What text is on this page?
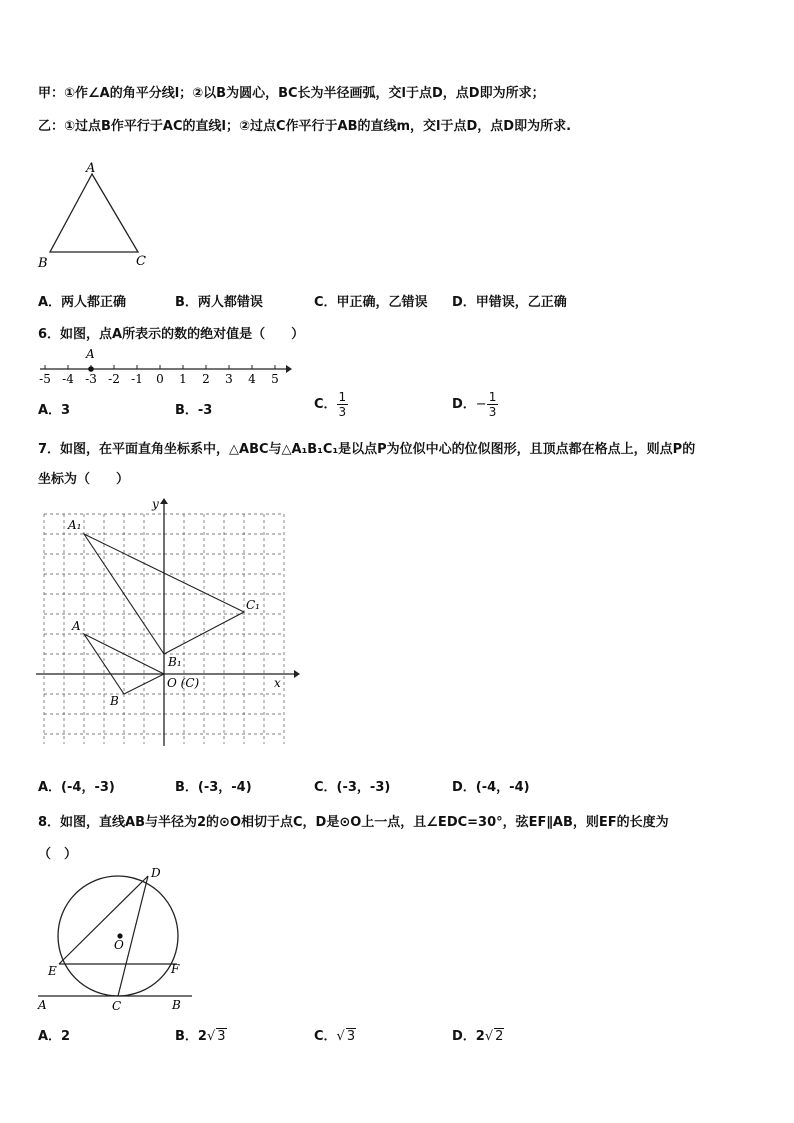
甲：①作∠A的角平分线l；②以B为圆心，BC长为半径画弧，交l于点D，点D即为所求；
乙：①过点B作平行于AC的直线l；②过点C作平行于AB的直线m，交l于点D，点D即为所求.
A
B	C
A．两人都正确	B．两人都错误	C．甲正确，乙错误 D．甲错误，乙正确
6．如图，点A所表示的数的绝对值是（　　）
-5 -4 -3 -2 -1 0 1 2 3 4 5
A
A．3	B．-3	C． $\frac{1}{3}$	D．− $\frac{1}{3}$
7．如图，在平面直角坐标系中，△ABC与△A₁B₁C₁是以点P为位似中心的位似图形，且顶点都在格点上，则点P的
坐标为（　　）
y
x
A₁
C₁
A
B₁
B
O (C)
A．(-4，-3)	B．(-3，-4)	C．(-3，-3)	D．(-4，-4)
8．如图，直线AB与半径为2的⊙O相切于点C，D是⊙O上一点，且∠EDC=30°，弦EF∥AB，则EF的长度为
（　）
D
O
E	F
A	C	B
A．2	B．2√ 3	C．√ 3	D．2√ 2
